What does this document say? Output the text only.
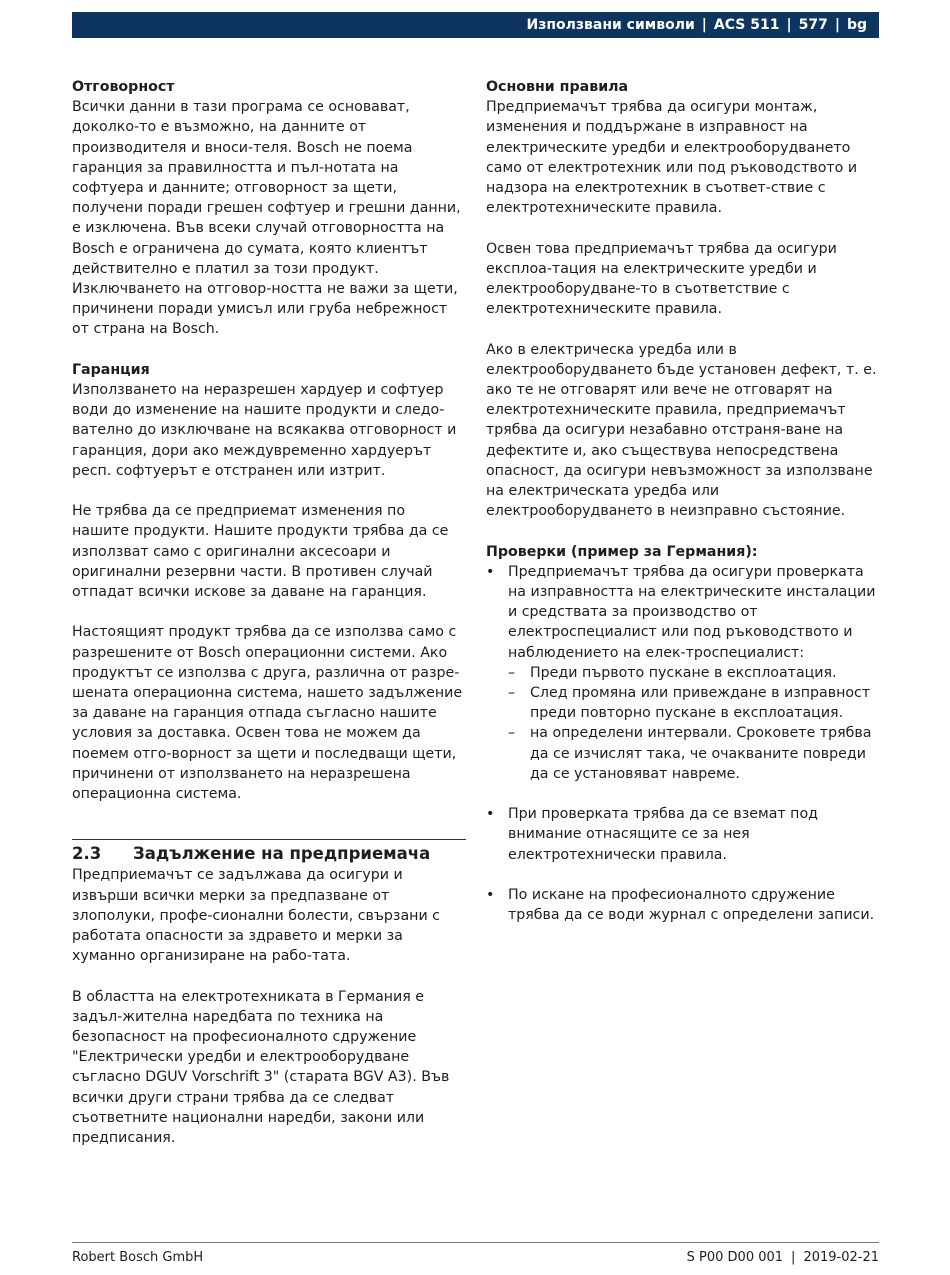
Използвани символи | ACS 511 | 577 | bg

Отговорност

Всички данни в тази програма се основават, доколко-то е възможно, на данните от производителя и вноси-теля. Bosch не поема гаранция за правилността и пъл-нотата на софтуера и данните; отговорност за щети, получени поради грешен софтуер и грешни данни, е изключена. Във всеки случай отговорността на Bosch е ограничена до сумата, която клиентът действително е платил за този продукт. Изключването на отговор-ността не важи за щети, причинени поради умисъл или груба небрежност от страна на Bosch.

Гаранция

Използването на неразрешен хардуер и софтуер води до изменение на нашите продукти и следо-вателно до изключване на всякаква отговорност и гаранция, дори ако междувременно хардуерът респ. софтуерът е отстранен или изтрит.

Не трябва да се предприемат изменения по нашите продукти. Нашите продукти трябва да се използват само с оригинални аксесоари и оригинални резервни части. В противен случай отпадат всички искове за даване на гаранция.

Настоящият продукт трябва да се използва само с разрешените от Bosch операционни системи. Ако продуктът се използва с друга, различна от разре-шената операционна система, нашето задължение за даване на гаранция отпада съгласно нашите условия за доставка. Освен това не можем да поемем отго-ворност за щети и последващи щети, причинени от използването на неразрешена операционна система.

2.3 Задължение на предприемача

Предприемачът се задължава да осигури и извърши всички мерки за предпазване от злополуки, профе-сионални болести, свързани с работата опасности за здравето и мерки за хуманно организиране на рабо-тата.

В областта на електротехниката в Германия е задъл-жителна наредбата по техника на безопасност на професионалното сдружение "Електрически уредби и електрооборудване съгласно DGUV Vorschrift 3" (старата BGV A3). Във всички други страни трябва да се следват съответните национални наредби, закони или предписания.

Основни правила

Предприемачът трябва да осигури монтаж, изменения и поддържане в изправност на електрическите уредби и електрооборудването само от електротехник или под ръководството и надзора на електротехник в съответ-ствие с електротехническите правила.

Освен това предприемачът трябва да осигури експлоа-тация на електрическите уредби и електрооборудване-то в съответствие с електротехническите правила.

Ако в електрическа уредба или в електрооборудването бъде установен дефект, т. е. ако те не отговарят или вече не отговарят на електротехническите правила, предприемачът трябва да осигури незабавно отстраня-ване на дефектите и, ако съществува непосредствена опасност, да осигури невъзможност за използване на електрическата уредба или електрооборудването в неизправно състояние.

Проверки (пример за Германия):

• Предприемачът трябва да осигури проверката на изправността на електрическите инсталации и средствата за производство от електроспециалист или под ръководството и наблюдението на елек-троспециалист:
– Преди първото пускане в експлоатация.
– След промяна или привеждане в изправност преди повторно пускане в експлоатация.
– на определени интервали. Сроковете трябва да се изчислят така, че очакваните повреди да се установяват навреме.
• При проверката трябва да се вземат под внимание отнасящите се за нея електротехнически правила.
• По искане на професионалното сдружение трябва да се води журнал с определени записи.
Robert Bosch GmbH	S P00 D00 001 | 2019-02-21
